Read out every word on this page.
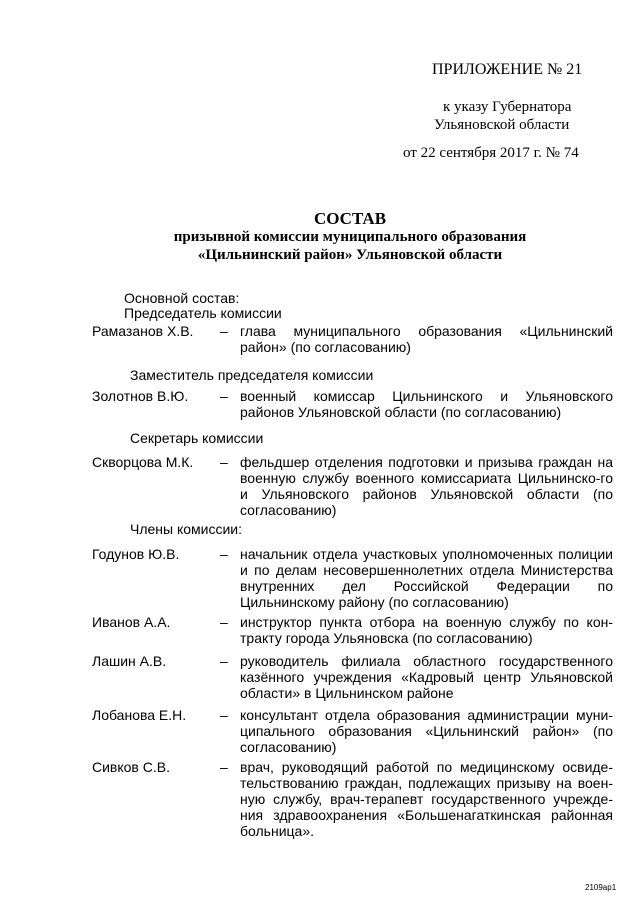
ПРИЛОЖЕНИЕ № 21
к указу Губернатора
Ульяновской области
от 22 сентября 2017 г. № 74
СОСТАВ
призывной комиссии муниципального образования
«Цильнинский район» Ульяновской области
Основной состав:
Председатель комиссии
Рамазанов Х.В. – глава муниципального образования «Цильнинский район» (по согласованию)

Заместитель председателя комиссии
Золотнов В.Ю. – военный комиссар Цильнинского и Ульяновского районов Ульяновской области (по согласованию)

Секретарь комиссии
Скворцова М.К. – фельдшер отделения подготовки и призыва граждан на военную службу военного комиссариата Цильнинско-го и Ульяновского районов Ульяновской области (по согласованию)

Члены комиссии:
Годунов Ю.В.	– начальник отдела участковых уполномоченных полиции и по делам несовершеннолетних отдела Министерства внутренних дел Российской Федерации по Цильнинскому району (по согласованию)

Иванов А.А.	– инструктор пункта отбора на военную службу по кон-тракту города Ульяновска (по согласованию)

Лашин А.В.	– руководитель филиала областного государственного казённого учреждения «Кадровый центр Ульяновской области» в Цильнинском районе

Лобанова Е.Н. – консультант отдела образования администрации муни-ципального образования «Цильнинский район» (по согласованию)

Сивков С.В.	– врач, руководящий работой по медицинскому освиде-тельствованию граждан, подлежащих призыву на воен-ную службу, врач-терапевт государственного учрежде-ния здравоохранения «Большенагаткинская районная больница».

2109ар1
